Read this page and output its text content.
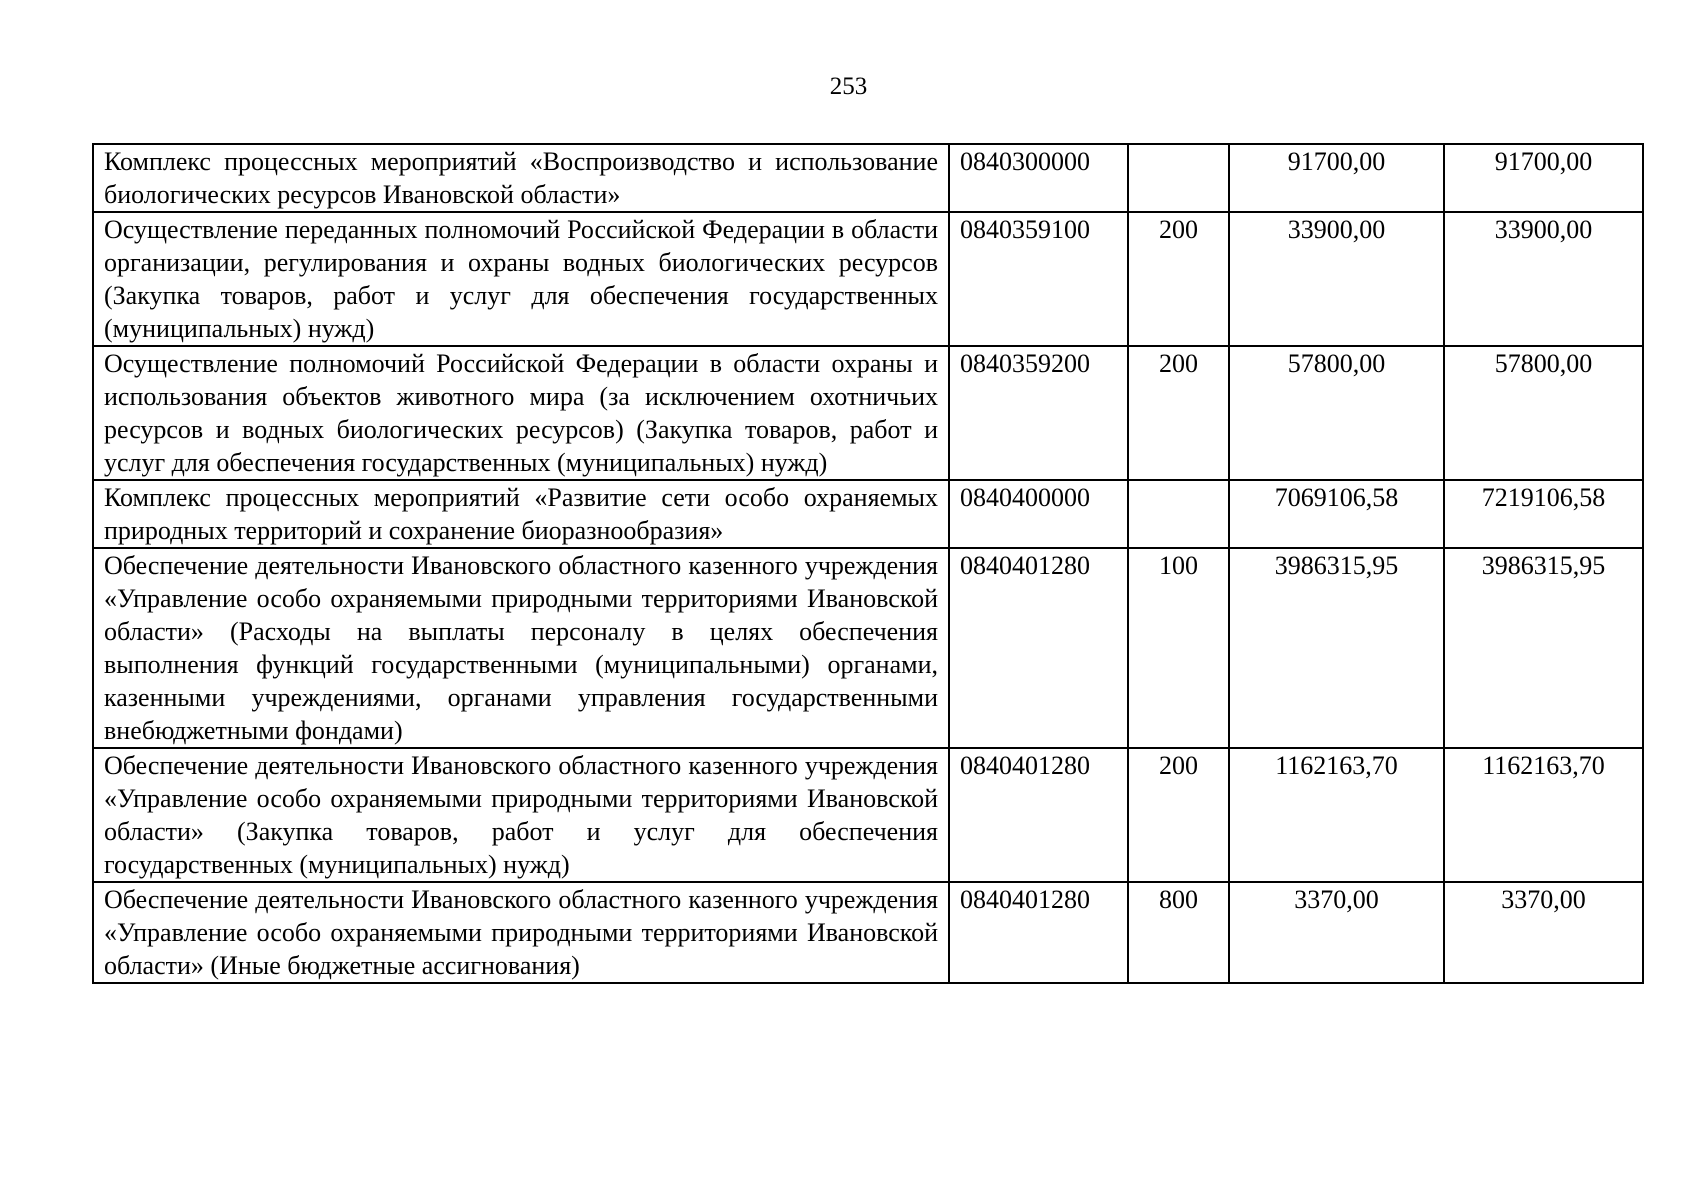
253
Комплекс процессных мероприятий «Воспроизводство и использование биологических ресурсов Ивановской области»	0840300000		91700,00	91700,00
Осуществление переданных полномочий Российской Федерации в области организации, регулирования и охраны водных биологических ресурсов (Закупка товаров, работ и услуг для обеспечения государственных (муниципальных) нужд)	0840359100	200	33900,00	33900,00
Осуществление полномочий Российской Федерации в области охраны и использования объектов животного мира (за исключением охотничьих ресурсов и водных биологических ресурсов) (Закупка товаров, работ и услуг для обеспечения государственных (муниципальных) нужд)	0840359200	200	57800,00	57800,00
Комплекс процессных мероприятий «Развитие сети особо охраняемых природных территорий и сохранение биоразнообразия»	0840400000		7069106,58	7219106,58
Обеспечение деятельности Ивановского областного казенного учреждения «Управление особо охраняемыми природными территориями Ивановской области» (Расходы на выплаты персоналу в целях обеспечения выполнения функций государственными (муниципальными) органами, казенными учреждениями, органами управления государственными внебюджетными фондами)	0840401280	100	3986315,95	3986315,95
Обеспечение деятельности Ивановского областного казенного учреждения «Управление особо охраняемыми природными территориями Ивановской области» (Закупка товаров, работ и услуг для обеспечения государственных (муниципальных) нужд)	0840401280	200	1162163,70	1162163,70
Обеспечение деятельности Ивановского областного казенного учреждения «Управление особо охраняемыми природными территориями Ивановской области» (Иные бюджетные ассигнования)	0840401280	800	3370,00	3370,00
